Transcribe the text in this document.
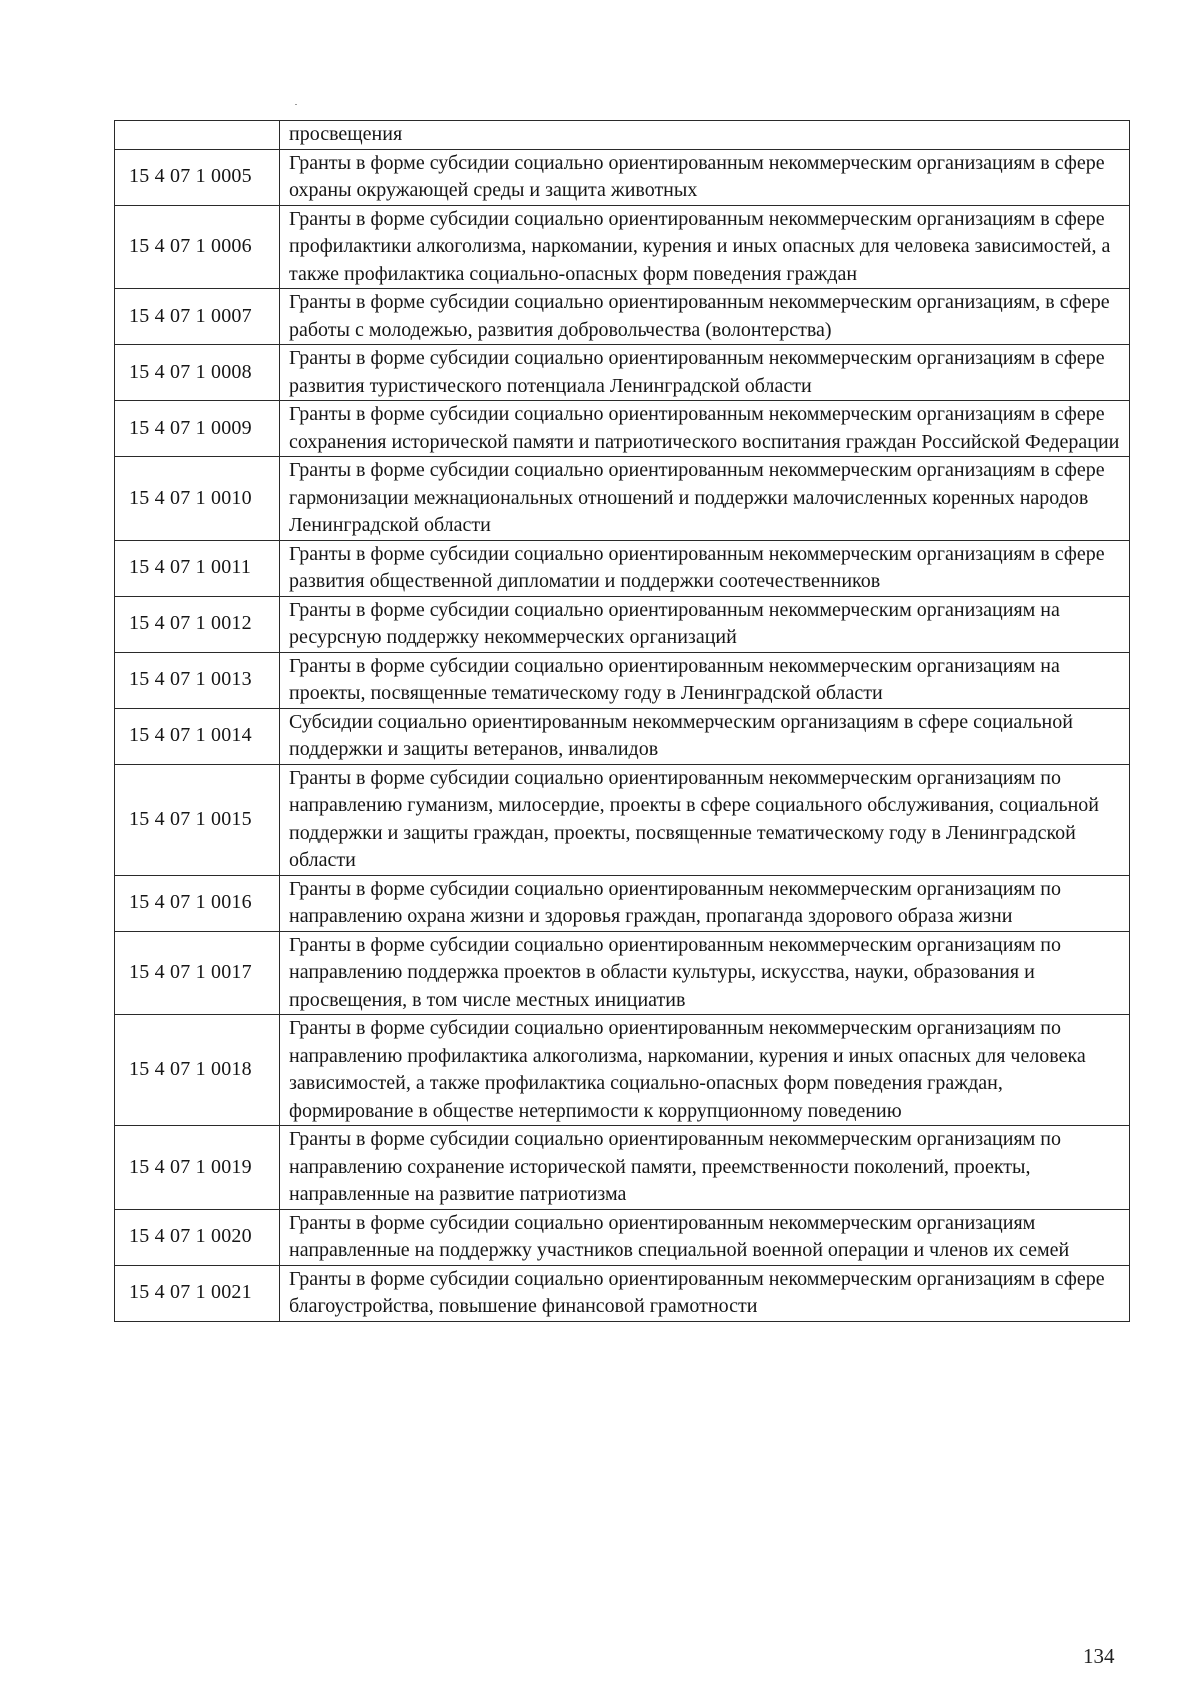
	просвещения
15 4 07 1 0005	Гранты в форме субсидии социально ориентированным некоммерческим организациям в сфере охраны окружающей среды и защита животных
15 4 07 1 0006	Гранты в форме субсидии социально ориентированным некоммерческим организациям в сфере профилактики алкоголизма, наркомании, курения и иных опасных для человека зависимостей, а также профилактика социально-опасных форм поведения граждан
15 4 07 1 0007	Гранты в форме субсидии социально ориентированным некоммерческим организациям, в сфере работы с молодежью, развития добровольчества (волонтерства)
15 4 07 1 0008	Гранты в форме субсидии социально ориентированным некоммерческим организациям в сфере развития туристического потенциала Ленинградской области
15 4 07 1 0009	Гранты в форме субсидии социально ориентированным некоммерческим организациям в сфере сохранения исторической памяти и патриотического воспитания граждан Российской Федерации
15 4 07 1 0010	Гранты в форме субсидии социально ориентированным некоммерческим организациям в сфере гармонизации межнациональных отношений и поддержки малочисленных коренных народов Ленинградской области
15 4 07 1 0011	Гранты в форме субсидии социально ориентированным некоммерческим организациям в сфере развития общественной дипломатии и поддержки соотечественников
15 4 07 1 0012	Гранты в форме субсидии социально ориентированным некоммерческим организациям на ресурсную поддержку некоммерческих организаций
15 4 07 1 0013	Гранты в форме субсидии социально ориентированным некоммерческим организациям на проекты, посвященные тематическому году в Ленинградской области
15 4 07 1 0014	Субсидии социально ориентированным некоммерческим организациям в сфере социальной поддержки и защиты ветеранов, инвалидов
15 4 07 1 0015	Гранты в форме субсидии социально ориентированным некоммерческим организациям по направлению гуманизм, милосердие, проекты в сфере социального обслуживания, социальной поддержки и защиты граждан, проекты, посвященные тематическому году в Ленинградской области
15 4 07 1 0016	Гранты в форме субсидии социально ориентированным некоммерческим организациям по направлению охрана жизни и здоровья граждан, пропаганда здорового образа жизни
15 4 07 1 0017	Гранты в форме субсидии социально ориентированным некоммерческим организациям по направлению поддержка проектов в области культуры, искусства, науки, образования и просвещения, в том числе местных инициатив
15 4 07 1 0018	Гранты в форме субсидии социально ориентированным некоммерческим организациям по направлению профилактика алкоголизма, наркомании, курения и иных опасных для человека зависимостей, а также профилактика социально-опасных форм поведения граждан, формирование в обществе нетерпимости к коррупционному поведению
15 4 07 1 0019	Гранты в форме субсидии социально ориентированным некоммерческим организациям по направлению сохранение исторической памяти, преемственности поколений, проекты, направленные на развитие патриотизма
15 4 07 1 0020	Гранты в форме субсидии социально ориентированным некоммерческим организациям направленные на поддержку участников специальной военной операции и членов их семей
15 4 07 1 0021	Гранты в форме субсидии социально ориентированным некоммерческим организациям в сфере благоустройства, повышение финансовой грамотности
134
